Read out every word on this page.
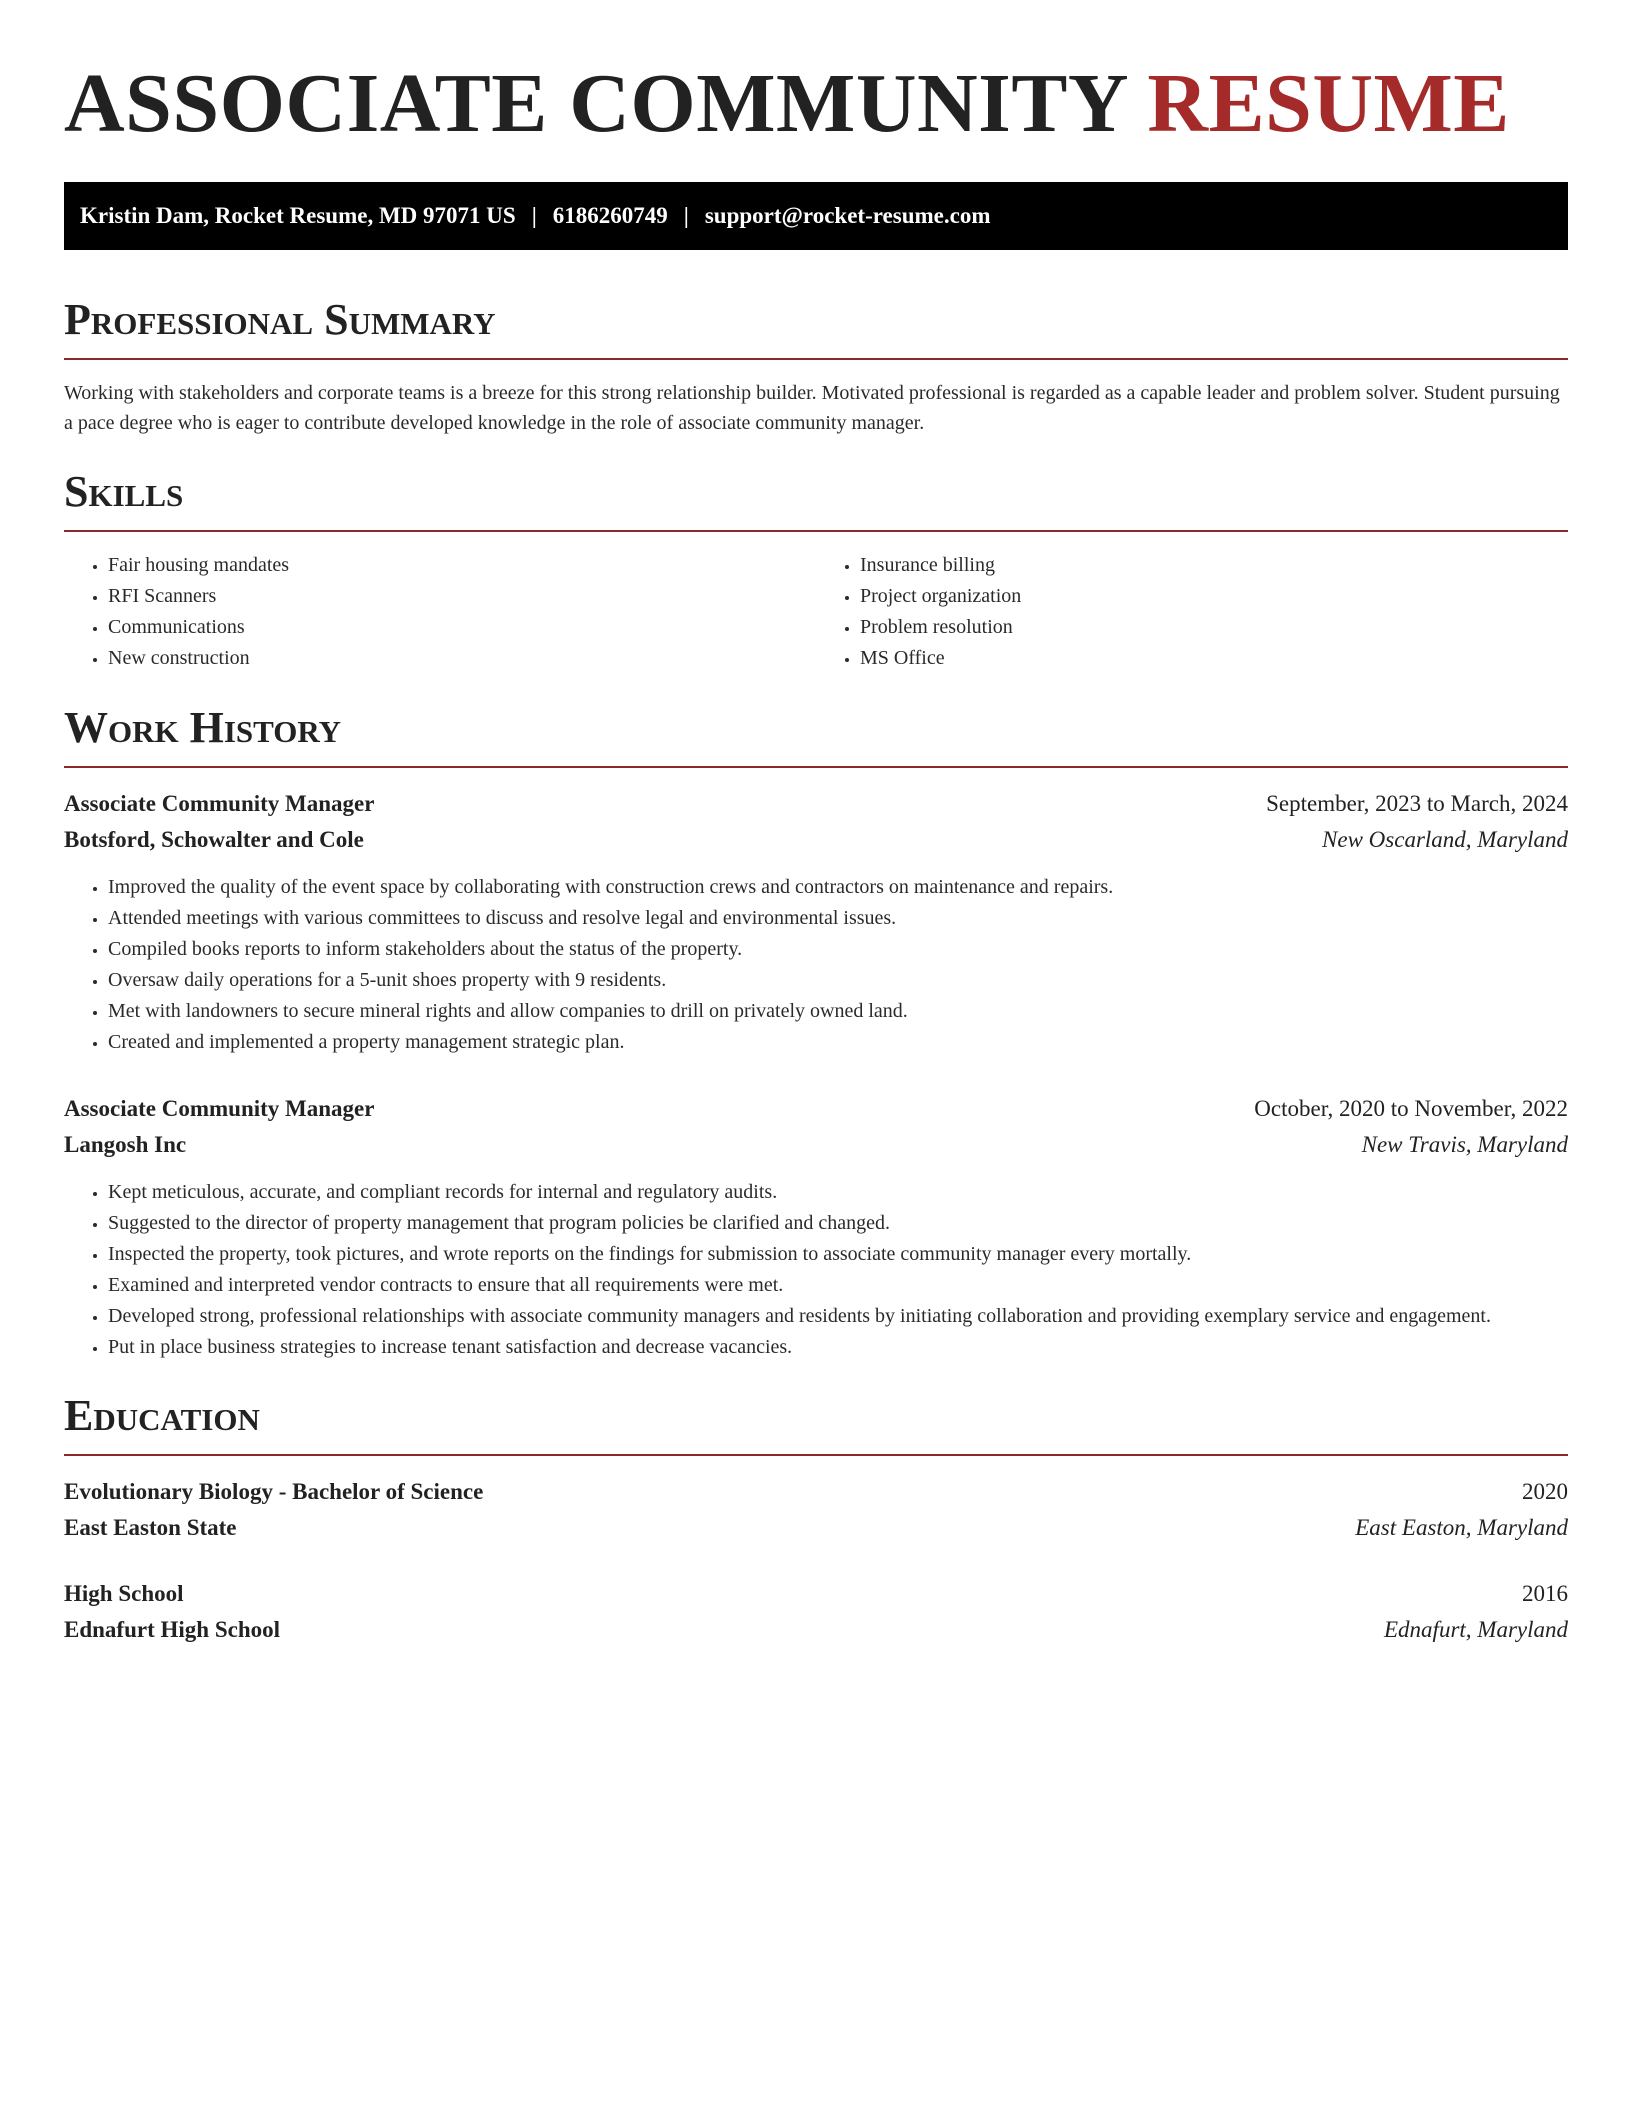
ASSOCIATE COMMUNITY RESUME
Kristin Dam, Rocket Resume, MD 97071 US | 6186260749 | support@rocket-resume.com
Professional Summary

Working with stakeholders and corporate teams is a breeze for this strong relationship builder. Motivated professional is regarded as a capable leader and problem solver. Student pursuing a pace degree who is eager to contribute developed knowledge in the role of associate community manager.

Skills
• Fair housing mandates
• RFI Scanners
• Communications
• New construction
• Insurance billing
• Project organization
• Problem resolution
• MS Office
Work History
Associate Community Manager	September, 2023 to March, 2024
Botsford, Schowalter and Cole	New Oscarland, Maryland
• Improved the quality of the event space by collaborating with construction crews and contractors on maintenance and repairs.
• Attended meetings with various committees to discuss and resolve legal and environmental issues.
• Compiled books reports to inform stakeholders about the status of the property.
• Oversaw daily operations for a 5-unit shoes property with 9 residents.
• Met with landowners to secure mineral rights and allow companies to drill on privately owned land.
• Created and implemented a property management strategic plan.
Associate Community Manager	October, 2020 to November, 2022
Langosh Inc	New Travis, Maryland
• Kept meticulous, accurate, and compliant records for internal and regulatory audits.
• Suggested to the director of property management that program policies be clarified and changed.
• Inspected the property, took pictures, and wrote reports on the findings for submission to associate community manager every mortally.
• Examined and interpreted vendor contracts to ensure that all requirements were met.
• Developed strong, professional relationships with associate community managers and residents by initiating collaboration and providing exemplary service and engagement.
• Put in place business strategies to increase tenant satisfaction and decrease vacancies.
Education
Evolutionary Biology - Bachelor of Science	2020
East Easton State	East Easton, Maryland
High School	2016
Ednafurt High School	Ednafurt, Maryland
